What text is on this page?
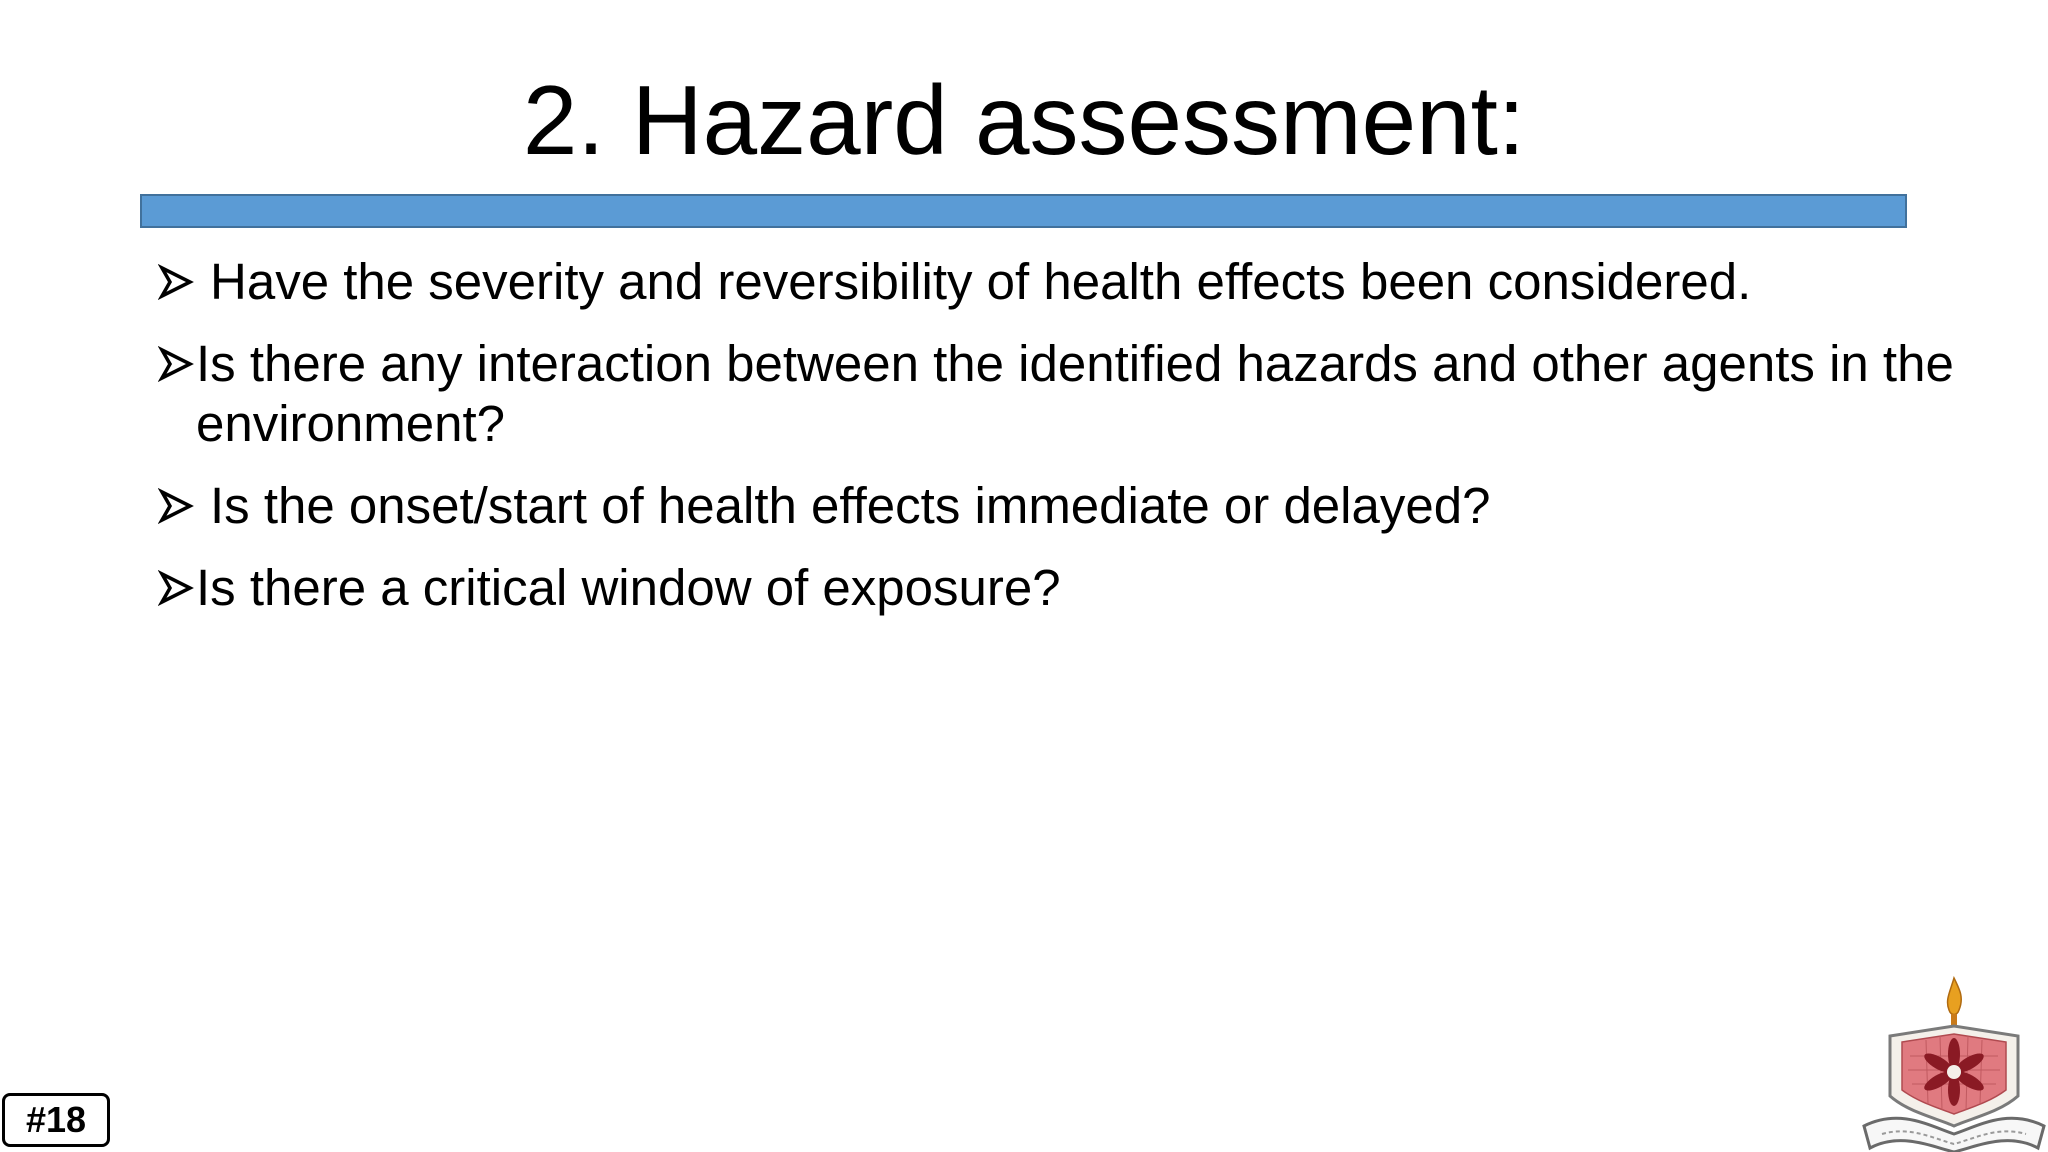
2. Hazard assessment:
Have the severity and reversibility of health effects been considered.
Is there any interaction between the identified hazards and other agents in the environment?
Is the onset/start of health effects immediate or delayed?
Is there a critical window of exposure?
#18
